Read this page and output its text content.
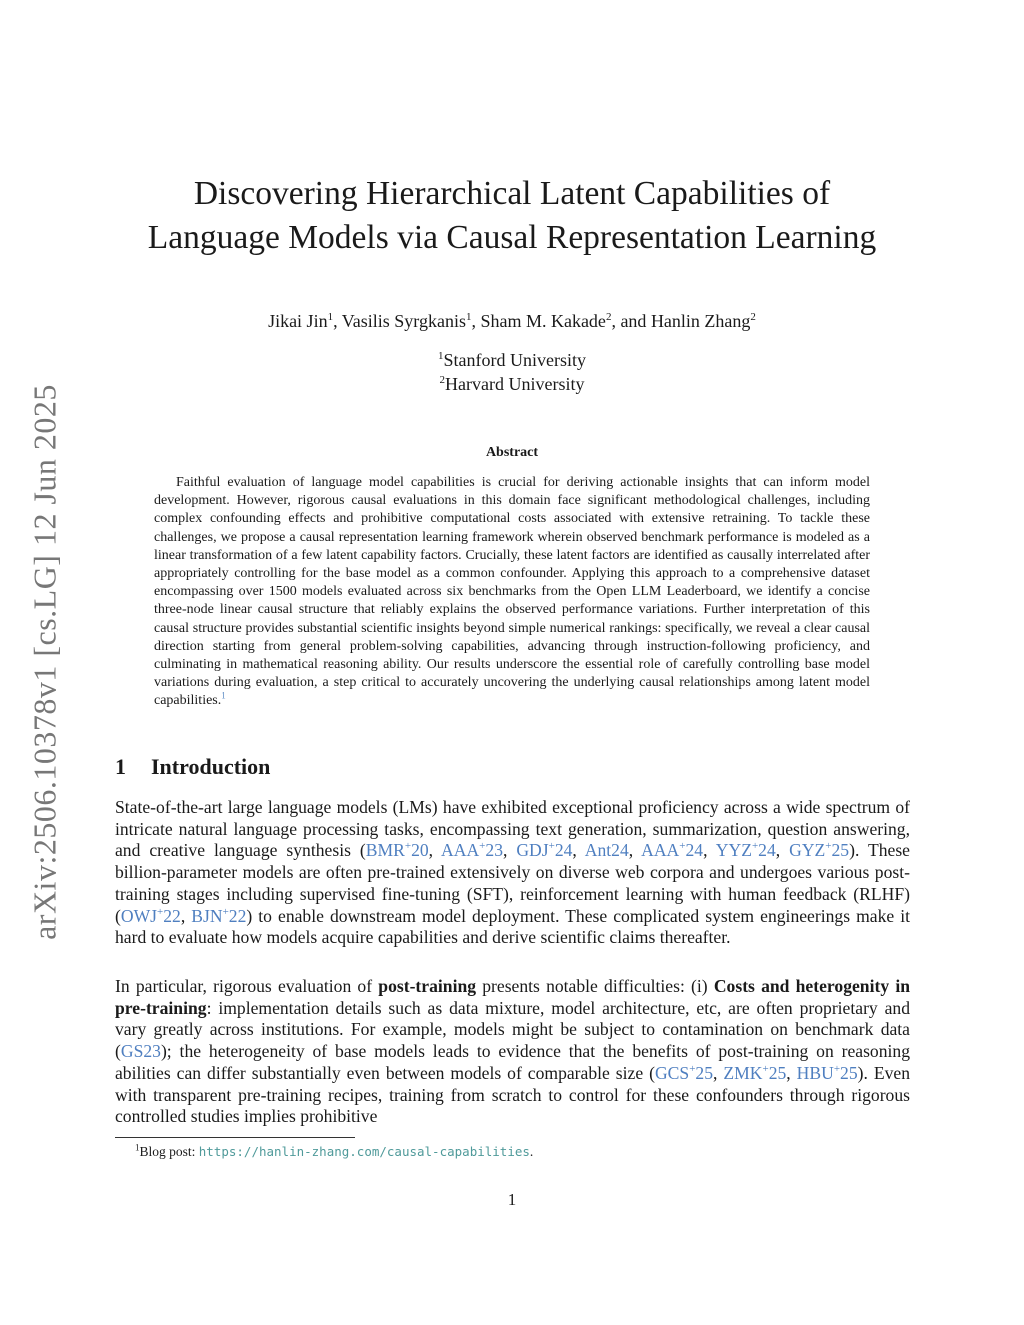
arXiv:2506.10378v1 [cs.LG] 12 Jun 2025
Discovering Hierarchical Latent Capabilities of
Language Models via Causal Representation Learning
Jikai Jin$^1$, Vasilis Syrgkanis$^1$, Sham M. Kakade$^2$, and Hanlin Zhang$^2$
$^1$Stanford University
$^2$Harvard University
Abstract
Faithful evaluation of language model capabilities is crucial for deriving actionable insights that can inform model development. However, rigorous causal evaluations in this domain face significant methodological challenges, including complex confounding effects and prohibitive computational costs associated with extensive retraining. To tackle these challenges, we propose a causal representation learning framework wherein observed benchmark performance is modeled as a linear transformation of a few latent capability factors. Crucially, these latent factors are identified as causally interrelated after appropriately controlling for the base model as a common confounder. Applying this approach to a comprehensive dataset encompassing over 1500 models evaluated across six benchmarks from the Open LLM Leaderboard, we identify a concise three-node linear causal structure that reliably explains the observed performance variations. Further interpretation of this causal structure provides substantial scientific insights beyond simple numerical rankings: specifically, we reveal a clear causal direction starting from general problem-solving capabilities, advancing through instruction-following proficiency, and culminating in mathematical reasoning ability. Our results underscore the essential role of carefully controlling base model variations during evaluation, a step critical to accurately uncovering the underlying causal relationships among latent model capabilities.$^1$
1 Introduction
State-of-the-art large language models (LMs) have exhibited exceptional proficiency across a wide spectrum of intricate natural language processing tasks, encompassing text generation, summarization, question answering, and creative language synthesis (BMR+20, AAA+23, GDJ+24, Ant24, AAA+24, YYZ+24, GYZ+25). These billion-parameter models are often pre-trained extensively on diverse web corpora and undergoes various post-training stages including supervised fine-tuning (SFT), reinforcement learning with human feedback (RLHF) (OWJ+22, BJN+22) to enable downstream model deployment. These complicated system engineerings make it hard to evaluate how models acquire capabilities and derive scientific claims thereafter.
In particular, rigorous evaluation of post-training presents notable difficulties: (i) Costs and heterogenity in pre-training: implementation details such as data mixture, model architecture, etc, are often proprietary and vary greatly across institutions. For example, models might be subject to contamination on benchmark data (GS23); the heterogeneity of base models leads to evidence that the benefits of post-training on reasoning abilities can differ substantially even between models of comparable size (GCS+25, ZMK+25, HBU+25). Even with transparent pre-training recipes, training from scratch to control for these confounders through rigorous controlled studies implies prohibitive
$^1$Blog post: https://hanlin-zhang.com/causal-capabilities.
1
